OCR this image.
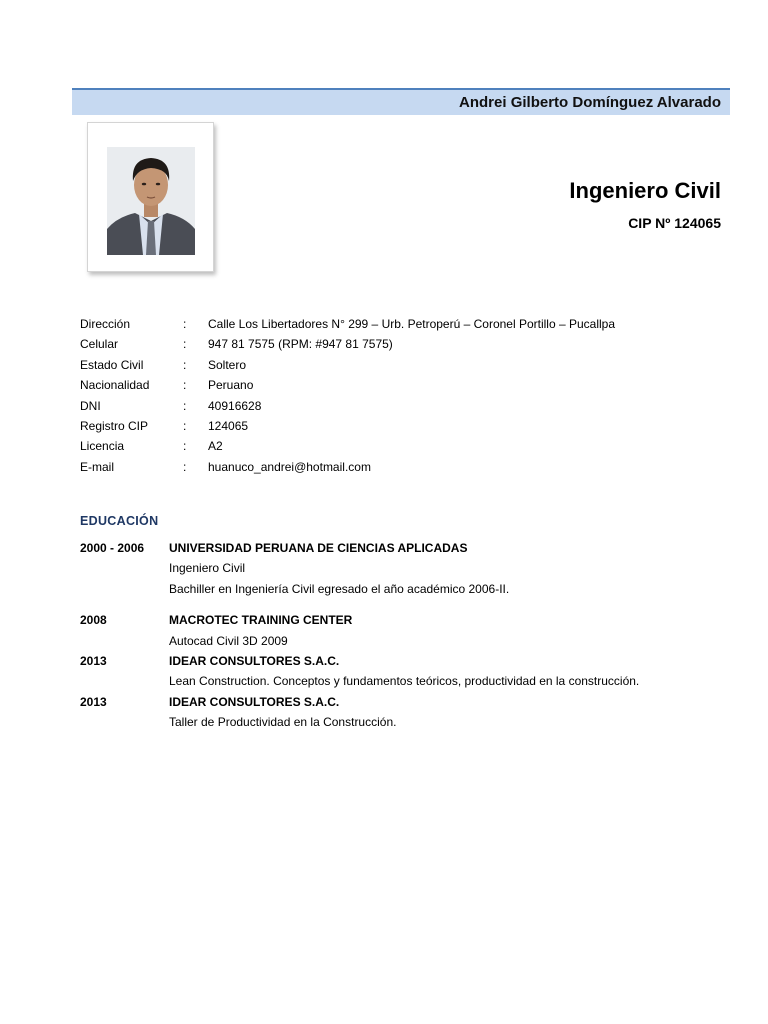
Andrei Gilberto Domínguez Alvarado
Ingeniero Civil
CIP Nº 124065
Dirección	: Calle Los Libertadores N° 299 – Urb. Petroperú – Coronel Portillo – Pucallpa
Celular	: 947 81 7575 (RPM: #947 81 7575)
Estado Civil	: Soltero
Nacionalidad	: Peruano
DNI	: 40916628
Registro CIP	: 124065
Licencia	: A2
E-mail	: huanuco_andrei@hotmail.com
EDUCACIÓN
2000 - 2006 UNIVERSIDAD PERUANA DE CIENCIAS APLICADAS
Ingeniero Civil
Bachiller en Ingeniería Civil egresado el año académico 2006-II.
2008	MACROTEC TRAINING CENTER
Autocad Civil 3D 2009
2013	IDEAR CONSULTORES S.A.C.
Lean Construction. Conceptos y fundamentos teóricos, productividad en la construcción.
2013	IDEAR CONSULTORES S.A.C.
Taller de Productividad en la Construcción.
